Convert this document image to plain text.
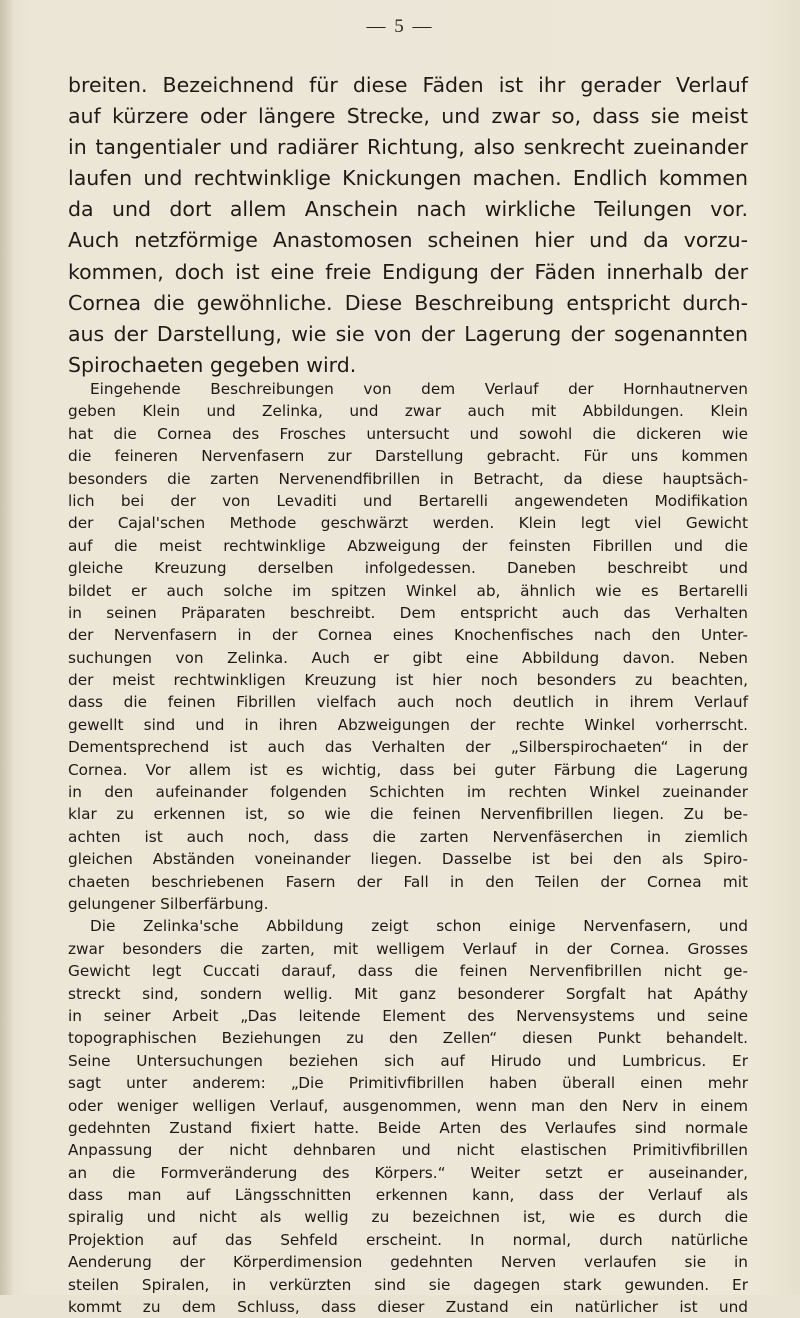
— 5 —
breiten. Bezeichnend für diese Fäden ist ihr gerader Verlauf
auf kürzere oder längere Strecke, und zwar so, dass sie meist
in tangentialer und radiärer Richtung, also senkrecht zueinander
laufen und rechtwinklige Knickungen machen. Endlich kommen
da und dort allem Anschein nach wirkliche Teilungen vor.
Auch netzförmige Anastomosen scheinen hier und da vorzu-
kommen, doch ist eine freie Endigung der Fäden innerhalb der
Cornea die gewöhnliche. Diese Beschreibung entspricht durch-
aus der Darstellung, wie sie von der Lagerung der sogenannten
Spirochaeten gegeben wird.
Eingehende Beschreibungen von dem Verlauf der Hornhautnerven
geben Klein und Zelinka, und zwar auch mit Abbildungen. Klein
hat die Cornea des Frosches untersucht und sowohl die dickeren wie
die feineren Nervenfasern zur Darstellung gebracht. Für uns kommen
besonders die zarten Nervenendfibrillen in Betracht, da diese hauptsäch-
lich bei der von Levaditi und Bertarelli angewendeten Modifikation
der Cajal'schen Methode geschwärzt werden. Klein legt viel Gewicht
auf die meist rechtwinklige Abzweigung der feinsten Fibrillen und die
gleiche Kreuzung derselben infolgedessen. Daneben beschreibt und
bildet er auch solche im spitzen Winkel ab, ähnlich wie es Bertarelli
in seinen Präparaten beschreibt. Dem entspricht auch das Verhalten
der Nervenfasern in der Cornea eines Knochenfisches nach den Unter-
suchungen von Zelinka. Auch er gibt eine Abbildung davon. Neben
der meist rechtwinkligen Kreuzung ist hier noch besonders zu beachten,
dass die feinen Fibrillen vielfach auch noch deutlich in ihrem Verlauf
gewellt sind und in ihren Abzweigungen der rechte Winkel vorherrscht.
Dementsprechend ist auch das Verhalten der „Silberspirochaeten“ in der
Cornea. Vor allem ist es wichtig, dass bei guter Färbung die Lagerung
in den aufeinander folgenden Schichten im rechten Winkel zueinander
klar zu erkennen ist, so wie die feinen Nervenfibrillen liegen. Zu be-
achten ist auch noch, dass die zarten Nervenfäserchen in ziemlich
gleichen Abständen voneinander liegen. Dasselbe ist bei den als Spiro-
chaeten beschriebenen Fasern der Fall in den Teilen der Cornea mit
gelungener Silberfärbung.
Die Zelinka'sche Abbildung zeigt schon einige Nervenfasern, und
zwar besonders die zarten, mit welligem Verlauf in der Cornea. Grosses
Gewicht legt Cuccati darauf, dass die feinen Nervenfibrillen nicht ge-
streckt sind, sondern wellig. Mit ganz besonderer Sorgfalt hat Apáthy
in seiner Arbeit „Das leitende Element des Nervensystems und seine
topographischen Beziehungen zu den Zellen“ diesen Punkt behandelt.
Seine Untersuchungen beziehen sich auf Hirudo und Lumbricus. Er
sagt unter anderem: „Die Primitivfibrillen haben überall einen mehr
oder weniger welligen Verlauf, ausgenommen, wenn man den Nerv in einem
gedehnten Zustand fixiert hatte. Beide Arten des Verlaufes sind normale
Anpassung der nicht dehnbaren und nicht elastischen Primitivfibrillen
an die Formveränderung des Körpers.“ Weiter setzt er auseinander,
dass man auf Längsschnitten erkennen kann, dass der Verlauf als
spiralig und nicht als wellig zu bezeichnen ist, wie es durch die
Projektion auf das Sehfeld erscheint. In normal, durch natürliche
Aenderung der Körperdimension gedehnten Nerven verlaufen sie in
steilen Spiralen, in verkürzten sind sie dagegen stark gewunden. Er
kommt zu dem Schluss, dass dieser Zustand ein natürlicher ist und
